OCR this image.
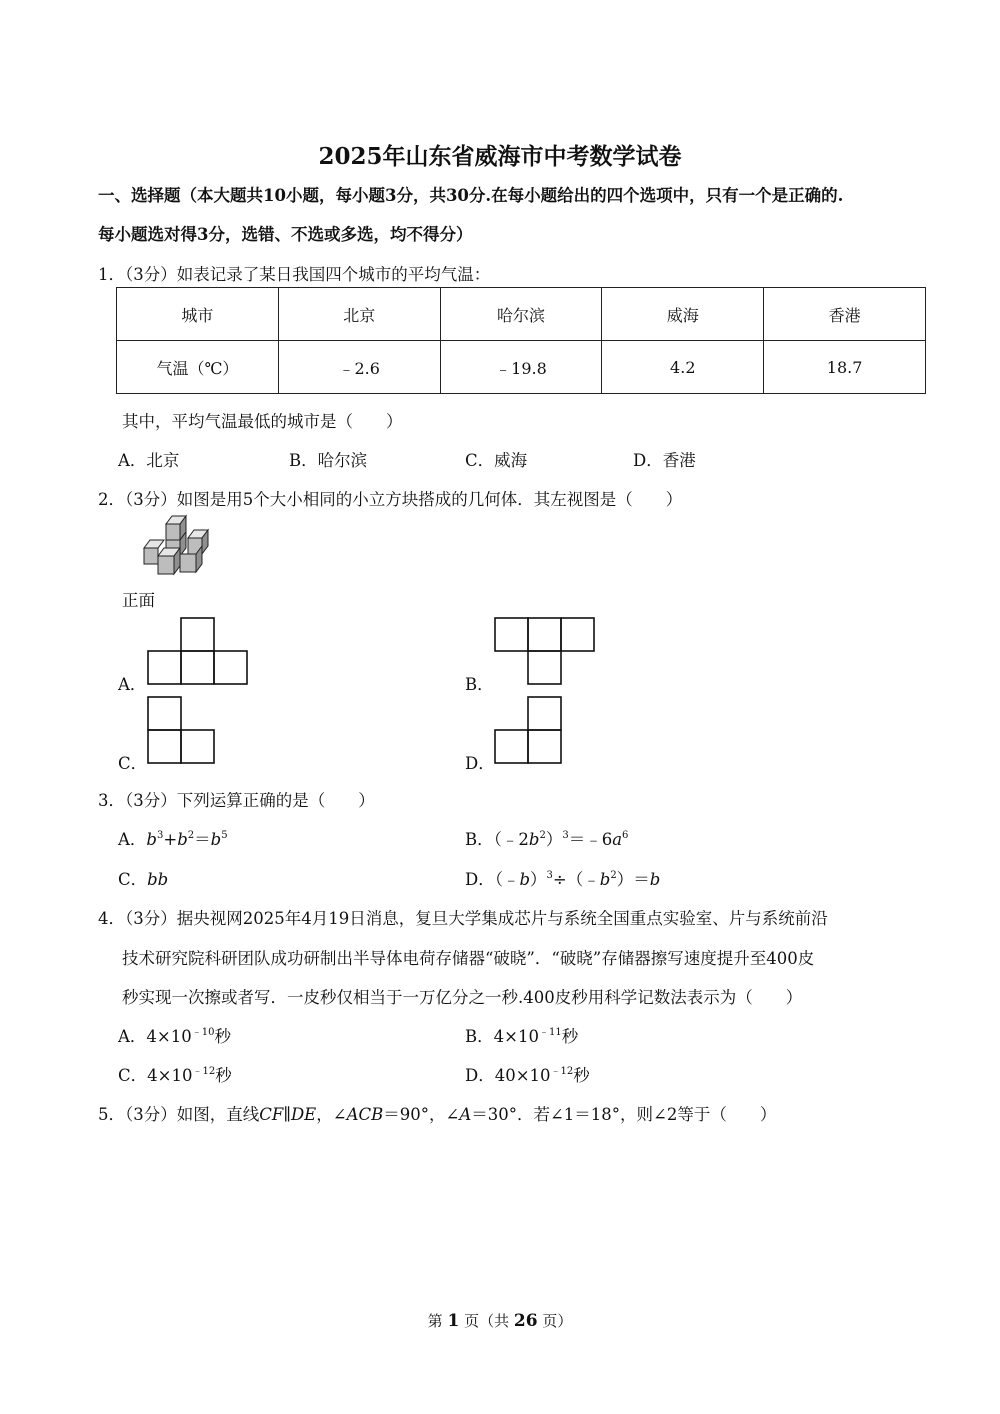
2025年山东省威海市中考数学试卷
一、选择题（本大题共10小题，每小题3分，共30分.在每小题给出的四个选项中，只有一个是正确的.
每小题选对得3分，选错、不选或多选，均不得分）
1．（3分）如表记录了某日我国四个城市的平均气温：
城市	北京	哈尔滨	威海	香港
气温（℃）	﹣2.6	﹣19.8	4.2	18.7
其中，平均气温最低的城市是（　　）
A．北京	B．哈尔滨	C．威海	D．香港
2．（3分）如图是用5个大小相同的小立方块搭成的几何体．其左视图是（　　）
正面
A．	B．
C．	D．
3．（3分）下列运算正确的是（　　）
A．$b^3+b^2=b^5$	B．$(﹣2b^2)^3=﹣6a^6$
C．bb	D．$(﹣b)^3\div(﹣b^2)=b$
4．（3分）据央视网2025年4月19日消息，复旦大学集成芯片与系统全国重点实验室、片与系统前沿
技术研究院科研团队成功研制出半导体电荷存储器“破晓”．“破晓”存储器擦写速度提升至400皮
秒实现一次擦或者写．一皮秒仅相当于一万亿分之一秒.400皮秒用科学记数法表示为（　　）
A．$4\times 10^{﹣10}$秒	B．$4\times 10^{﹣11}$秒
C．$4\times 10^{﹣12}$秒	D．$40\times 10^{﹣12}$秒
5．（3分）如图，直线CF∥DE，∠ACB＝90°，∠A＝30°．若∠1＝18°，则∠2等于（　　）
第 1 页（共 26 页）
